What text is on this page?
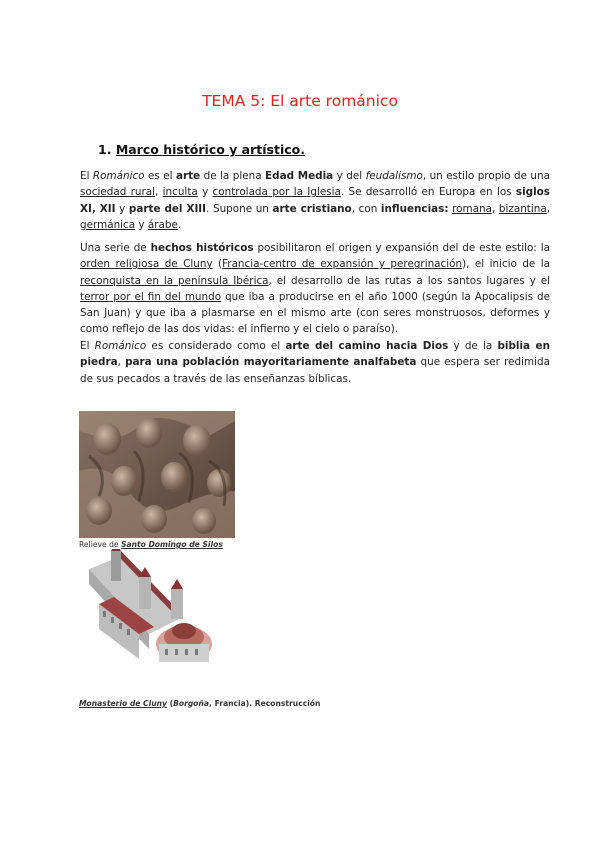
TEMA 5: El arte románico
1. Marco histórico y artístico.

El Románico es el arte de la plena Edad Media y del feudalismo, un estilo propio de una sociedad rural, inculta y controlada por la Iglesia. Se desarrolló en Europa en los siglos XI, XII y parte del XIII. Supone un arte cristiano, con influencias: romana, bizantina, germánica y árabe.

Una serie de hechos históricos posibilitaron el origen y expansión del de este estilo: la orden religiosa de Cluny (Francia-centro de expansión y peregrinación), el inicio de la reconquista en la península Ibérica, el desarrollo de las rutas a los santos lugares y el terror por el fin del mundo que iba a producirse en el año 1000 (según la Apocalipsis de San Juan) y que iba a plasmarse en el mismo arte (con seres monstruosos, deformes y como reflejo de las dos vidas: el infierno y el cielo o paraíso).

El Románico es considerado como el arte del camino hacia Dios y de la biblia en piedra, para una población mayoritariamente analfabeta que espera ser redimida de sus pecados a través de las enseñanzas bíblicas.

Relieve de Santo Domingo de Silos
Monasterio de Cluny (Borgoña, Francia). Reconstrucción
